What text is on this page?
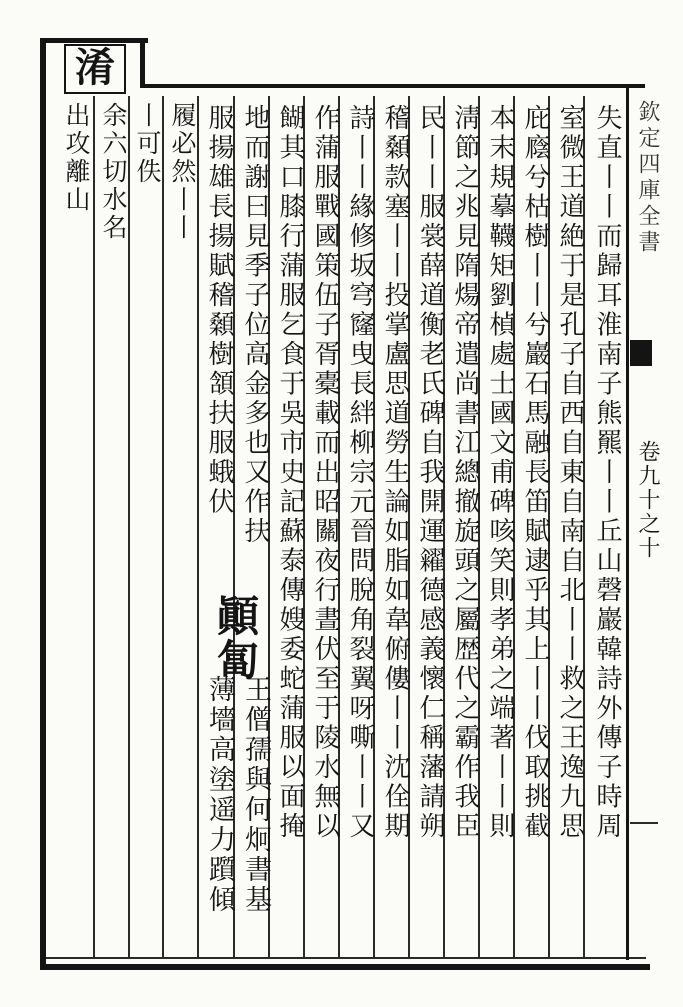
淆
欽定四庫全書
卷九十之十
失直丨丨而歸耳淮南子熊羆丨丨丘山磬巖韓詩外傳子時周
室微王道絶于是孔子自西自東自南自北丨丨救之王逸九思
庇廕兮枯樹丨丨兮巖石馬融長笛賦逮乎其上丨丨伐取挑截
本末規摹韈矩劉楨處士國文甫碑咳笑則孝弟之端著丨丨則
淸節之兆見隋煬帝遣尚書江總撤旋頭之屬歴代之霸作我臣
民丨丨服裳薛道衡老氏碑自我開運糴德感義懷仁稱藩請朔
稽顙款塞丨丨投掌盧思道勞生論如脂如韋俯僂丨丨沈佺期
詩丨丨緣修坂穹窿曳長絆柳宗元晉問脫角裂翼呀嘶丨丨又
作蒲服戰國策伍子胥橐載而出昭關夜行晝伏至于陵水無以
餬其口膝行蒲服乞食于吳市史記蘇泰傳嫂委蛇蒲服以面掩
地而謝曰見季子位高金多也又作扶
服揚雄長揚賦稽顙樹頷扶服蛾伏
顚匐
王僧孺與何炯書基
薄墻高塗遥力躓傾
履必然丨丨
丨可佚
余六切水名
出攻離山
